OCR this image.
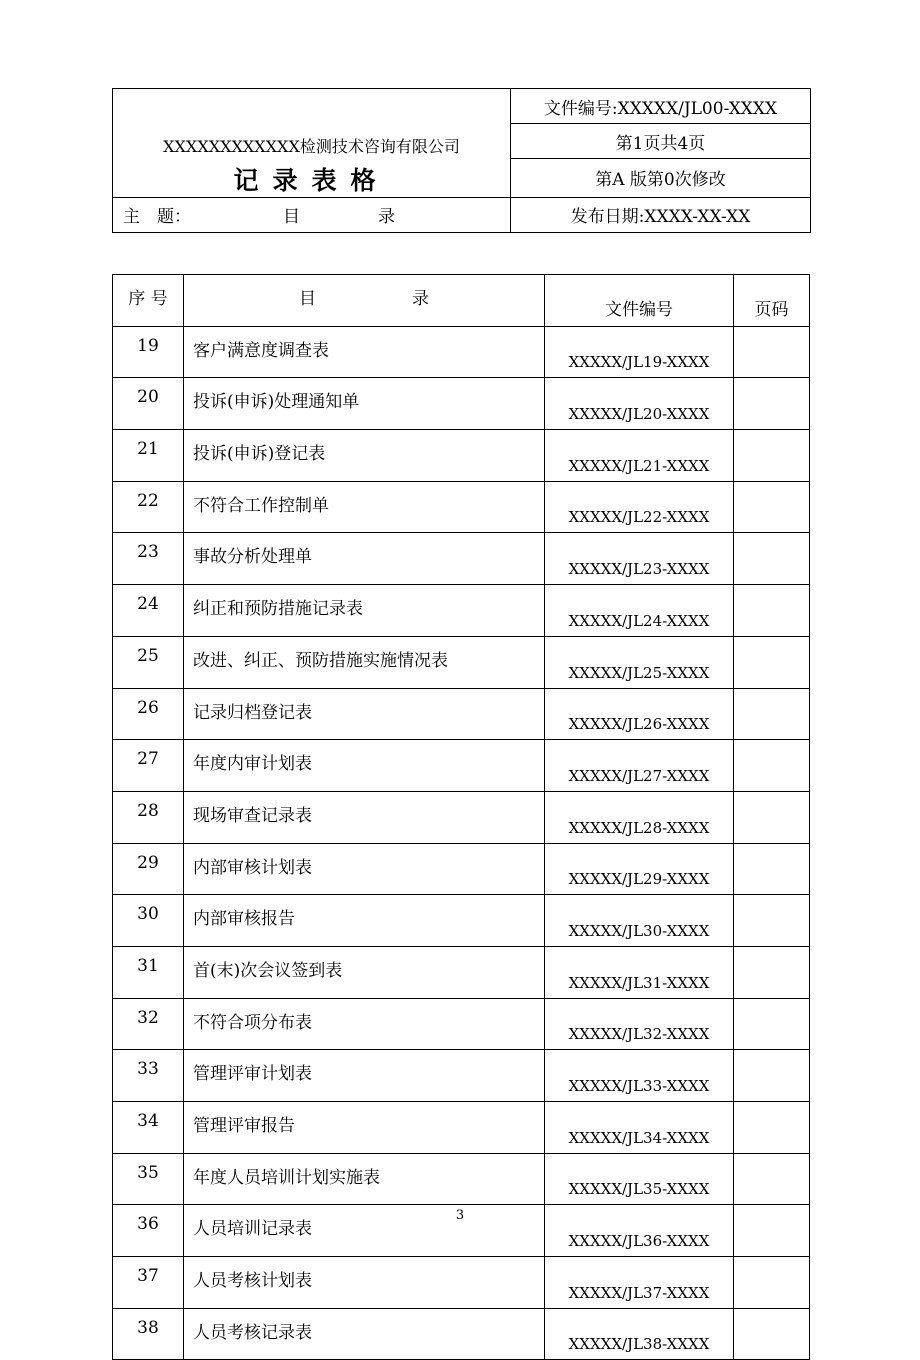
XXXXXXXXXXXX检测技术咨询有限公司	文件编号:XXXXX/JL00-XXXX
	第1页共4页
记录表格	第A 版第0次修改
主　题： 目 录	发布日期:XXXX-XX-XX
序 号	目 录	文件编号	页码
19	客户满意度调查表	XXXXX/JL19-XXXX	
20	投诉(申诉)处理通知单	XXXXX/JL20-XXXX	
21	投诉(申诉)登记表	XXXXX/JL21-XXXX	
22	不符合工作控制单	XXXXX/JL22-XXXX	
23	事故分析处理单	XXXXX/JL23-XXXX	
24	纠正和预防措施记录表	XXXXX/JL24-XXXX	
25	改进、纠正、预防措施实施情况表	XXXXX/JL25-XXXX	
26	记录归档登记表	XXXXX/JL26-XXXX	
27	年度内审计划表	XXXXX/JL27-XXXX	
28	现场审查记录表	XXXXX/JL28-XXXX	
29	内部审核计划表	XXXXX/JL29-XXXX	
30	内部审核报告	XXXXX/JL30-XXXX	
31	首(末)次会议签到表	XXXXX/JL31-XXXX	
32	不符合项分布表	XXXXX/JL32-XXXX	
33	管理评审计划表	XXXXX/JL33-XXXX	
34	管理评审报告	XXXXX/JL34-XXXX	
35	年度人员培训计划实施表	XXXXX/JL35-XXXX	
36	人员培训记录表	XXXXX/JL36-XXXX	
37	人员考核计划表	XXXXX/JL37-XXXX	
38	人员考核记录表	XXXXX/JL38-XXXX	
3
